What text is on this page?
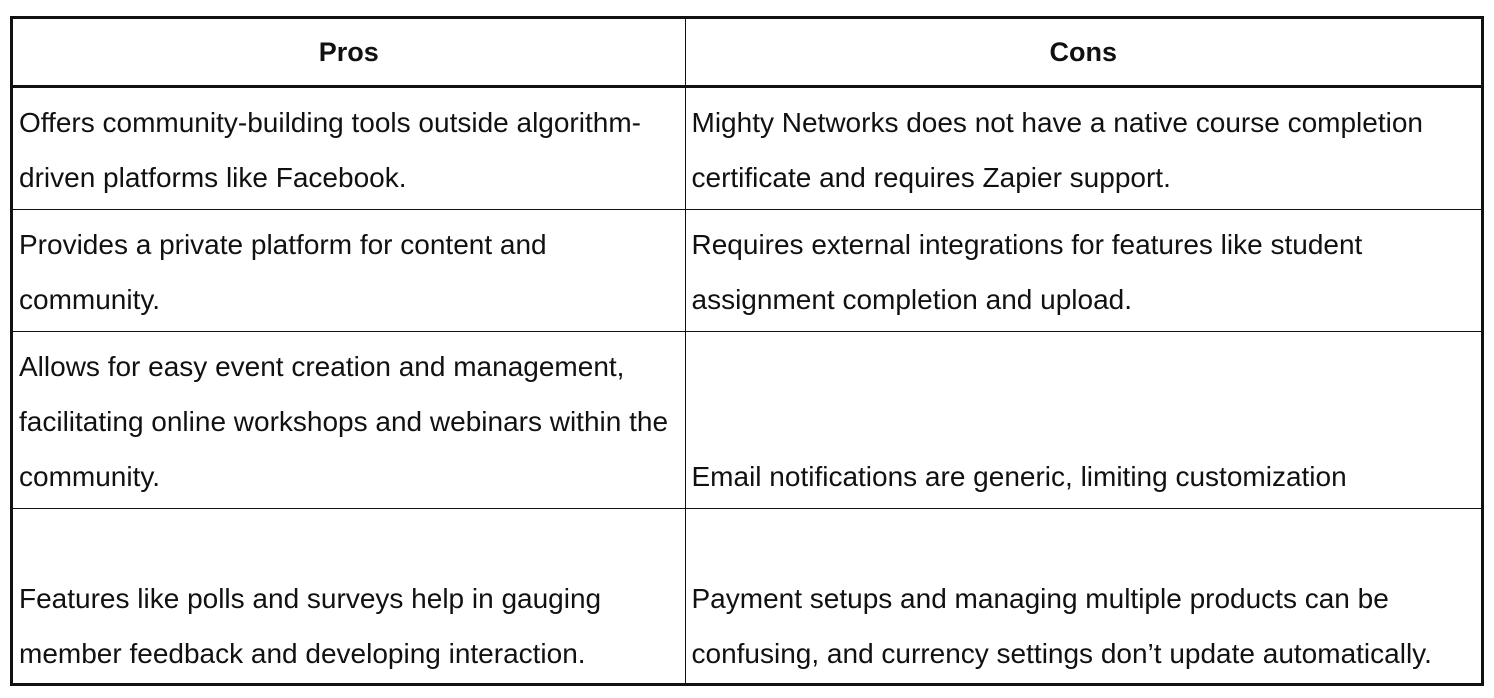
Pros	Cons
Offers community-building tools outside algorithm-driven platforms like Facebook.	Mighty Networks does not have a native course completion certificate and requires Zapier support.
Provides a private platform for content and community.	Requires external integrations for features like student assignment completion and upload.
Allows for easy event creation and management, facilitating online workshops and webinars within the community.	Email notifications are generic, limiting customization
Features like polls and surveys help in gauging member feedback and developing interaction.	Payment setups and managing multiple products can be confusing, and currency settings don’t update automatically.
